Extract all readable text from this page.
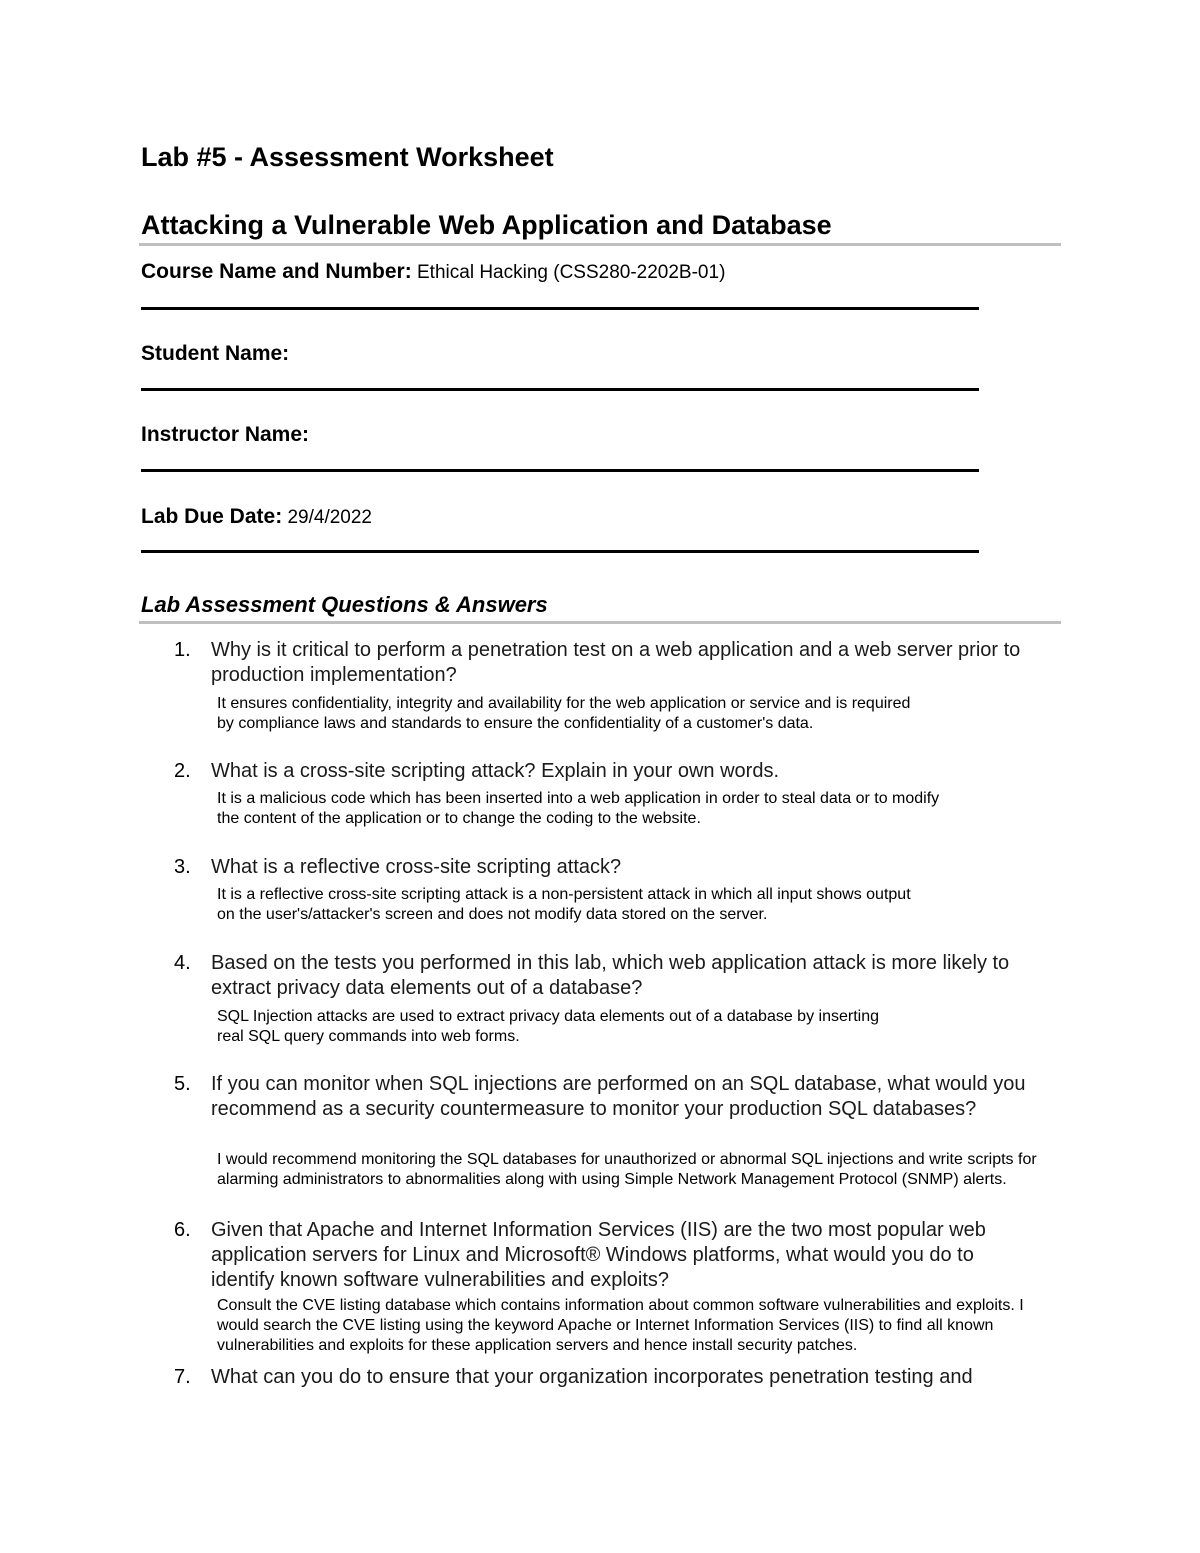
Lab #5 - Assessment Worksheet
Attacking a Vulnerable Web Application and Database
Course Name and Number: Ethical Hacking (CSS280-2202B-01)
Student Name:
Instructor Name:
Lab Due Date: 29/4/2022
Lab Assessment Questions & Answers
1. Why is it critical to perform a penetration test on a web application and a web server prior to production implementation?

It ensures confidentiality, integrity and availability for the web application or service and is required by compliance laws and standards to ensure the confidentiality of a customer's data.

2. What is a cross-site scripting attack? Explain in your own words.

It is a malicious code which has been inserted into a web application in order to steal data or to modify the content of the application or to change the coding to the website.

3. What is a reflective cross-site scripting attack?

It is a reflective cross-site scripting attack is a non-persistent attack in which all input shows output on the user's/attacker's screen and does not modify data stored on the server.

4. Based on the tests you performed in this lab, which web application attack is more likely to extract privacy data elements out of a database?

SQL Injection attacks are used to extract privacy data elements out of a database by inserting real SQL query commands into web forms.

5. If you can monitor when SQL injections are performed on an SQL database, what would you recommend as a security countermeasure to monitor your production SQL databases?

I would recommend monitoring the SQL databases for unauthorized or abnormal SQL injections and write scripts for alarming administrators to abnormalities along with using Simple Network Management Protocol (SNMP) alerts.

6. Given that Apache and Internet Information Services (IIS) are the two most popular web application servers for Linux and Microsoft® Windows platforms, what would you do to identify known software vulnerabilities and exploits?

Consult the CVE listing database which contains information about common software vulnerabilities and exploits. I would search the CVE listing using the keyword Apache or Internet Information Services (IIS) to find all known vulnerabilities and exploits for these application servers and hence install security patches.

7. What can you do to ensure that your organization incorporates penetration testing and
